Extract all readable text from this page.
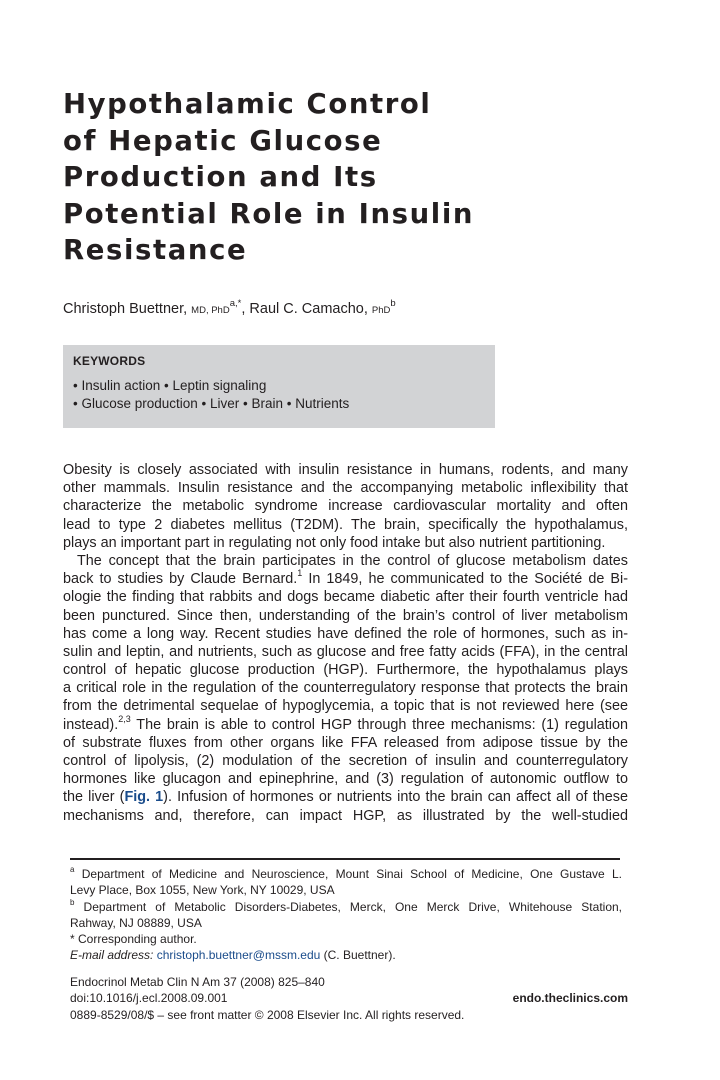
Hypothalamic Control
of Hepatic Glucose
Production and Its
Potential Role in Insulin
Resistance
Christoph Buettner, MD, PhD$^{a,*}$, Raul C. Camacho, PhD$^b$
KEYWORDS
• Insulin action • Leptin signaling
• Glucose production • Liver • Brain • Nutrients
Obesity is closely associated with insulin resistance in humans, rodents, and many
other mammals. Insulin resistance and the accompanying metabolic inflexibility that
characterize the metabolic syndrome increase cardiovascular mortality and often
lead to type 2 diabetes mellitus (T2DM). The brain, specifically the hypothalamus,
plays an important part in regulating not only food intake but also nutrient partitioning.
The concept that the brain participates in the control of glucose metabolism dates
back to studies by Claude Bernard.$^1$ In 1849, he communicated to the Société de Bi-
ologie the finding that rabbits and dogs became diabetic after their fourth ventricle had
been punctured. Since then, understanding of the brain’s control of liver metabolism
has come a long way. Recent studies have defined the role of hormones, such as in-
sulin and leptin, and nutrients, such as glucose and free fatty acids (FFA), in the central
control of hepatic glucose production (HGP). Furthermore, the hypothalamus plays
a critical role in the regulation of the counterregulatory response that protects the brain
from the detrimental sequelae of hypoglycemia, a topic that is not reviewed here (see
instead).$^{2,3}$ The brain is able to control HGP through three mechanisms: (1) regulation
of substrate fluxes from other organs like FFA released from adipose tissue by the
control of lipolysis, (2) modulation of the secretion of insulin and counterregulatory
hormones like glucagon and epinephrine, and (3) regulation of autonomic outflow to
the liver (Fig. 1). Infusion of hormones or nutrients into the brain can affect all of these
mechanisms and, therefore, can impact HGP, as illustrated by the well-studied
$^a$ Department of Medicine and Neuroscience, Mount Sinai School of Medicine, One Gustave L.
Levy Place, Box 1055, New York, NY 10029, USA
$^b$ Department of Metabolic Disorders-Diabetes, Merck, One Merck Drive, Whitehouse Station,
Rahway, NJ 08889, USA
* Corresponding author.
E-mail address: christoph.buettner@mssm.edu (C. Buettner).
Endocrinol Metab Clin N Am 37 (2008) 825–840
doi:10.1016/j.ecl.2008.09.001	endo.theclinics.com
0889-8529/08/$ – see front matter © 2008 Elsevier Inc. All rights reserved.
